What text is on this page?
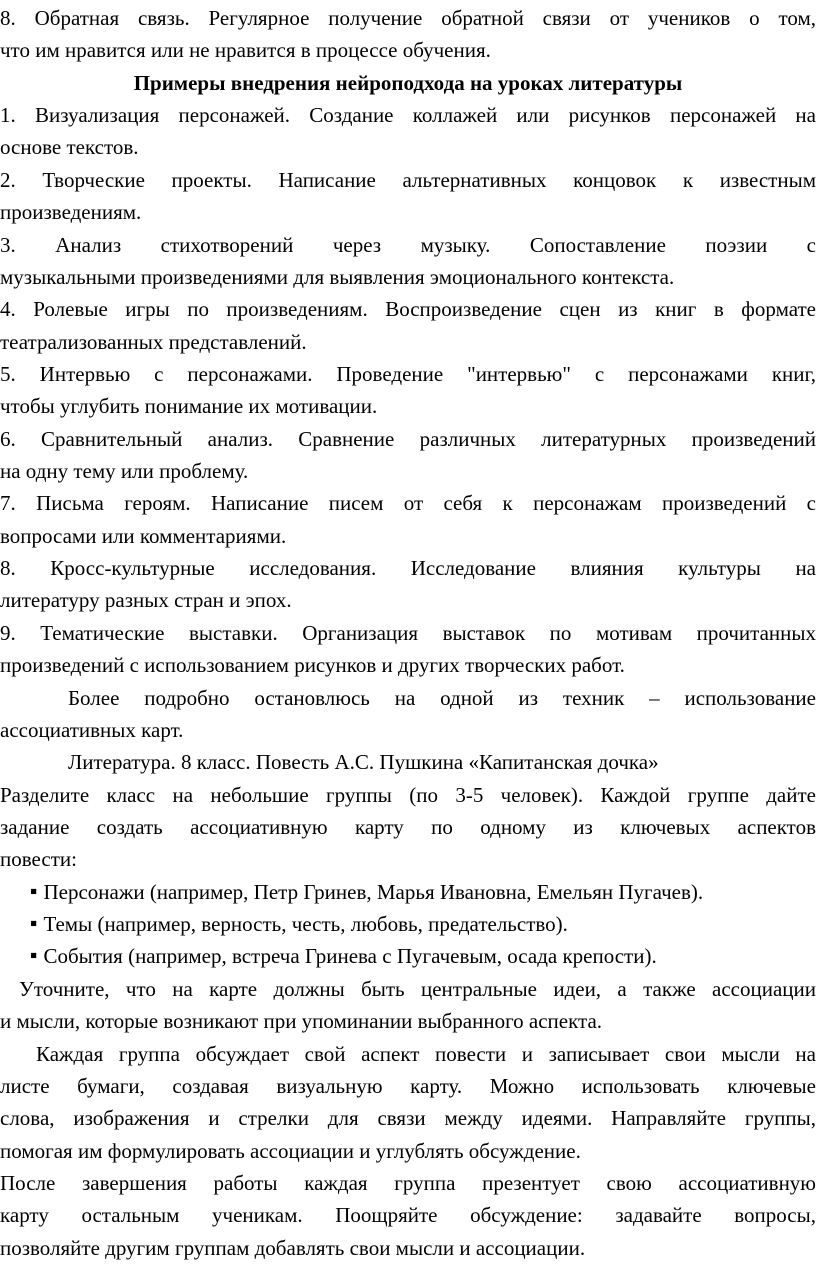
8. Обратная связь. Регулярное получение обратной связи от учеников о том,
что им нравится или не нравится в процессе обучения.
Примеры внедрения нейроподхода на уроках литературы
1. Визуализация персонажей. Создание коллажей или рисунков персонажей на
основе текстов.
2. Творческие проекты. Написание альтернативных концовок к известным
произведениям.
3. Анализ стихотворений через музыку. Сопоставление поэзии с
музыкальными произведениями для выявления эмоционального контекста.
4. Ролевые игры по произведениям. Воспроизведение сцен из книг в формате
театрализованных представлений.
5. Интервью с персонажами. Проведение "интервью" с персонажами книг,
чтобы углубить понимание их мотивации.
6. Сравнительный анализ. Сравнение различных литературных произведений
на одну тему или проблему.
7. Письма героям. Написание писем от себя к персонажам произведений с
вопросами или комментариями.
8. Кросс-культурные исследования. Исследование влияния культуры на
литературу разных стран и эпох.
9. Тематические выставки. Организация выставок по мотивам прочитанных
произведений с использованием рисунков и других творческих работ.
Более подробно остановлюсь на одной из техник – использование
ассоциативных карт.
Литература. 8 класс. Повесть А.С. Пушкина «Капитанская дочка»
Разделите класс на небольшие группы (по 3-5 человек). Каждой группе дайте
задание создать ассоциативную карту по одному из ключевых аспектов
повести:
▪ Персонажи (например, Петр Гринев, Марья Ивановна, Емельян Пугачев).
▪ Темы (например, верность, честь, любовь, предательство).
▪ События (например, встреча Гринева с Пугачевым, осада крепости).
Уточните, что на карте должны быть центральные идеи, а также ассоциации
и мысли, которые возникают при упоминании выбранного аспекта.
Каждая группа обсуждает свой аспект повести и записывает свои мысли на
листе бумаги, создавая визуальную карту. Можно использовать ключевые
слова, изображения и стрелки для связи между идеями. Направляйте группы,
помогая им формулировать ассоциации и углублять обсуждение.
После завершения работы каждая группа презентует свою ассоциативную
карту остальным ученикам. Поощряйте обсуждение: задавайте вопросы,
позволяйте другим группам добавлять свои мысли и ассоциации.
